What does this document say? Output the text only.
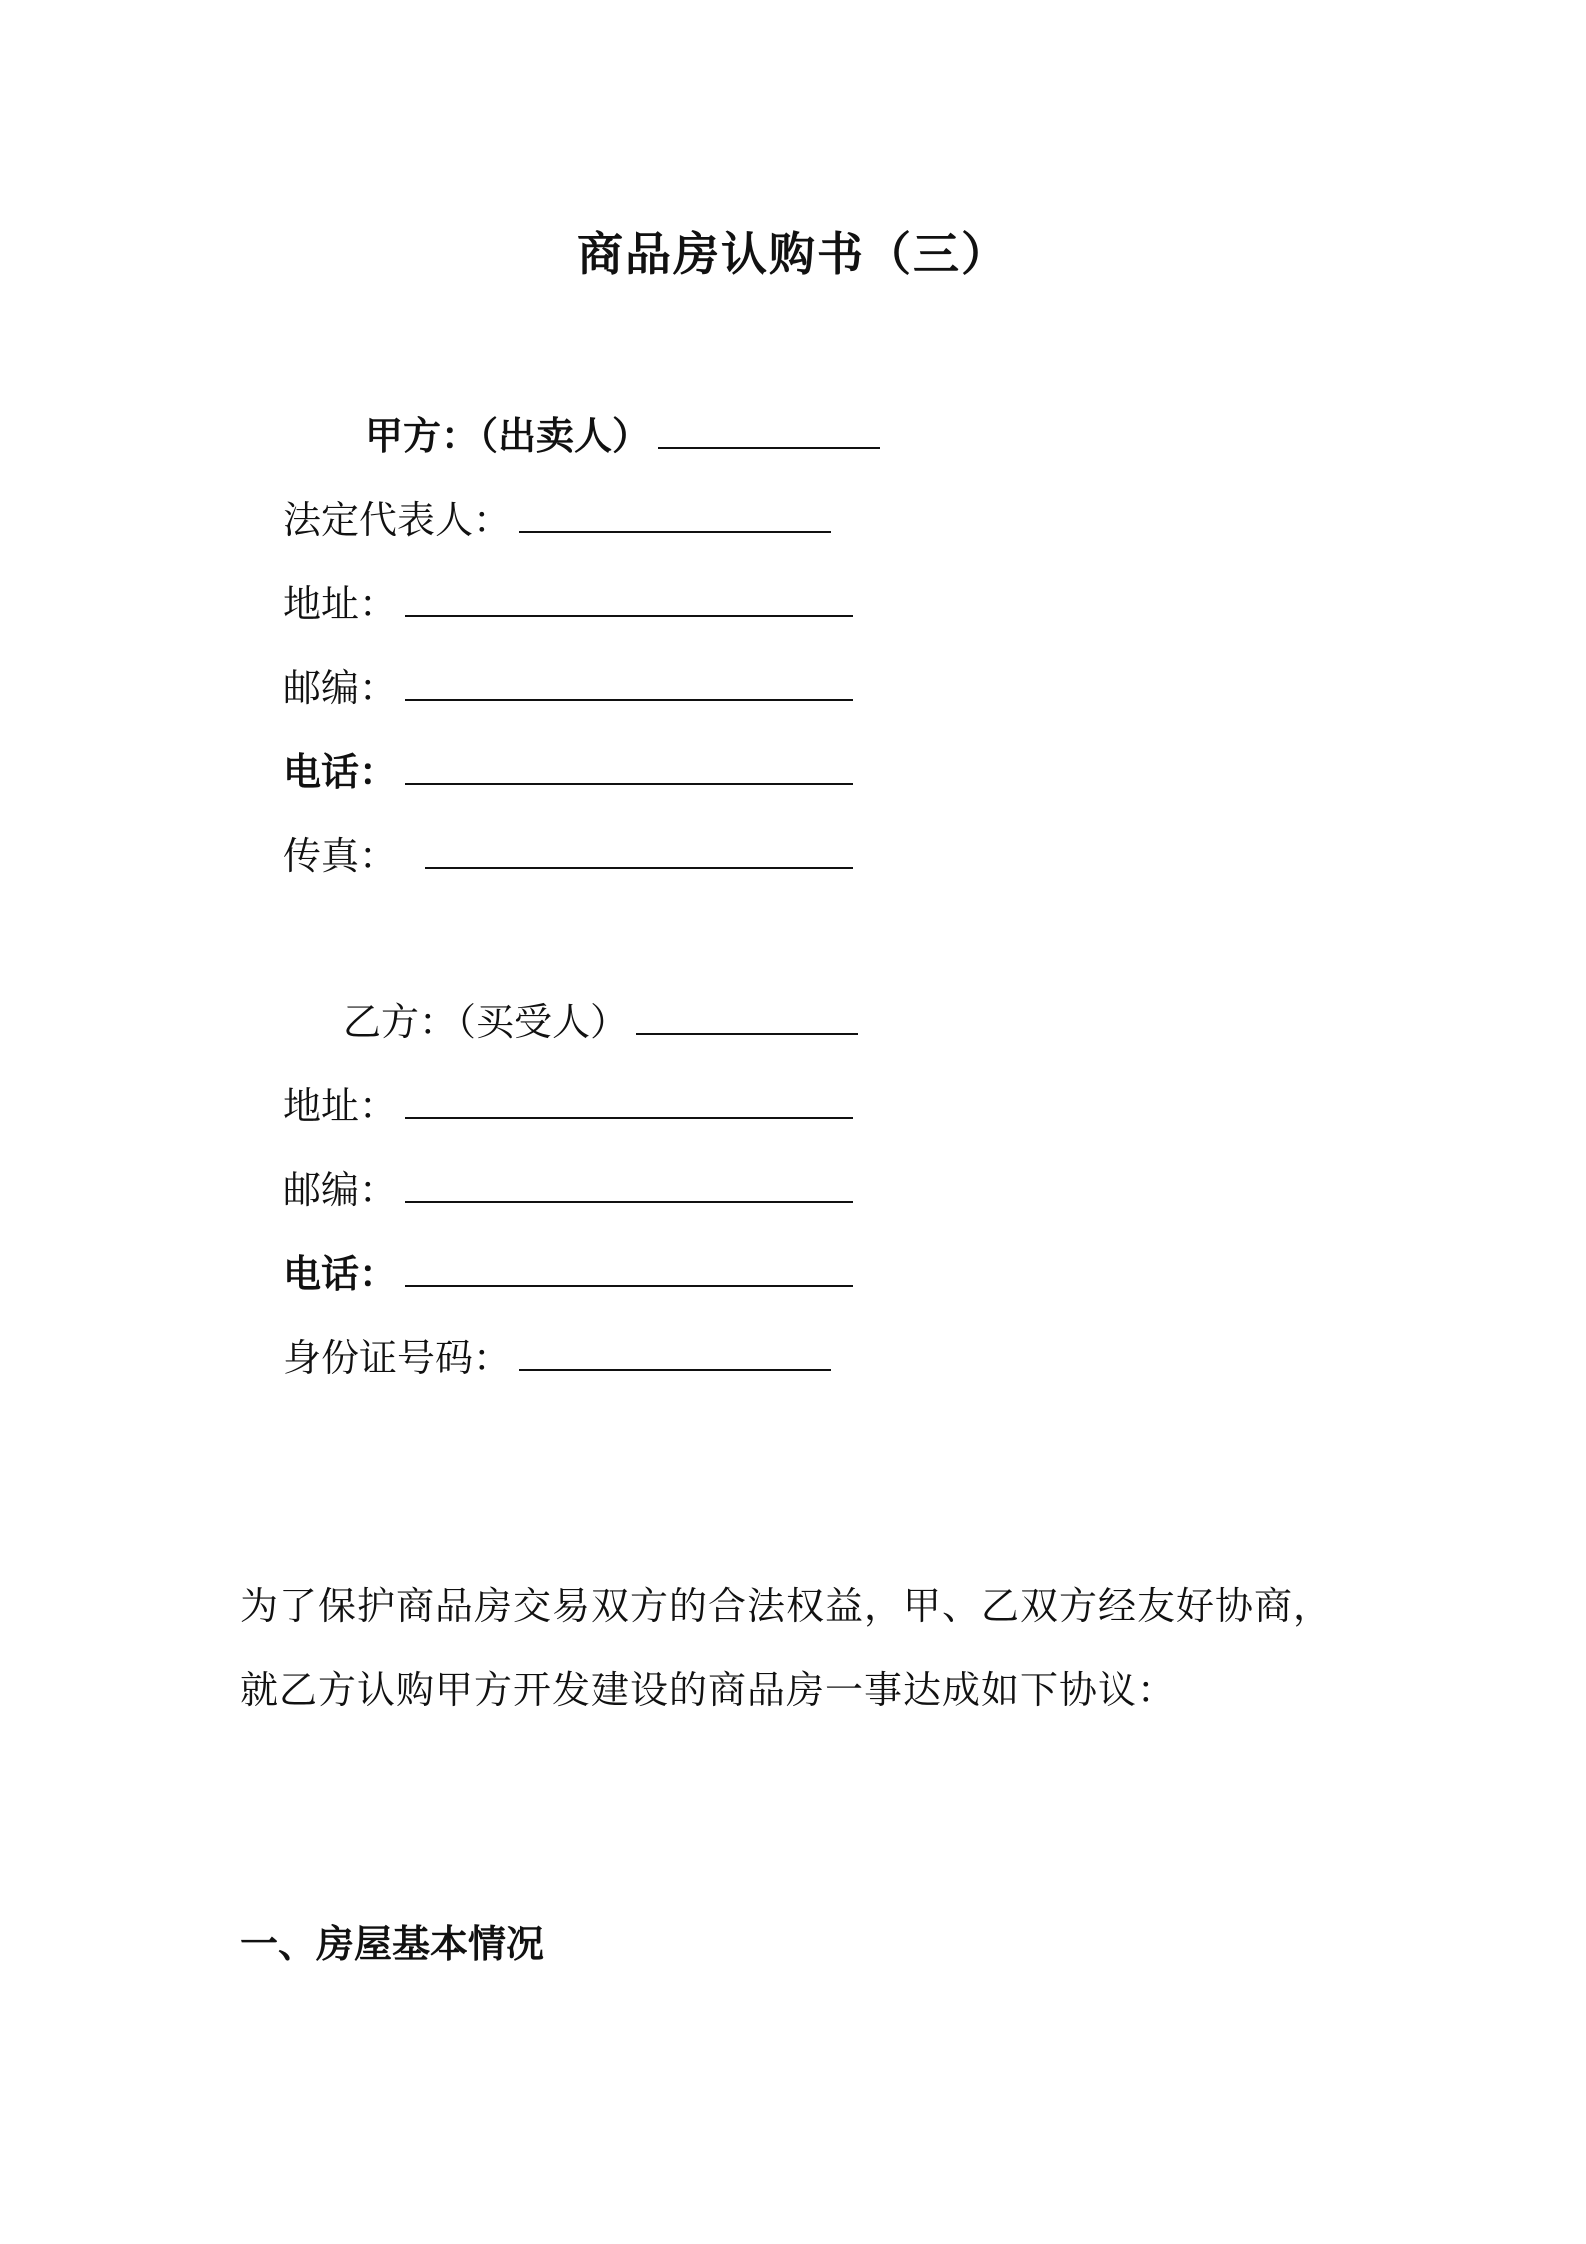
商品房认购书（三）
甲方：（出卖人）
法定代表人：
地址：
邮编：
电话：
传真：
乙方：（买受人）
地址：
邮编：
电话：
身份证号码：
为了保护商品房交易双方的合法权益，甲、乙双方经友好协商，
就乙方认购甲方开发建设的商品房一事达成如下协议：
一、房屋基本情况
